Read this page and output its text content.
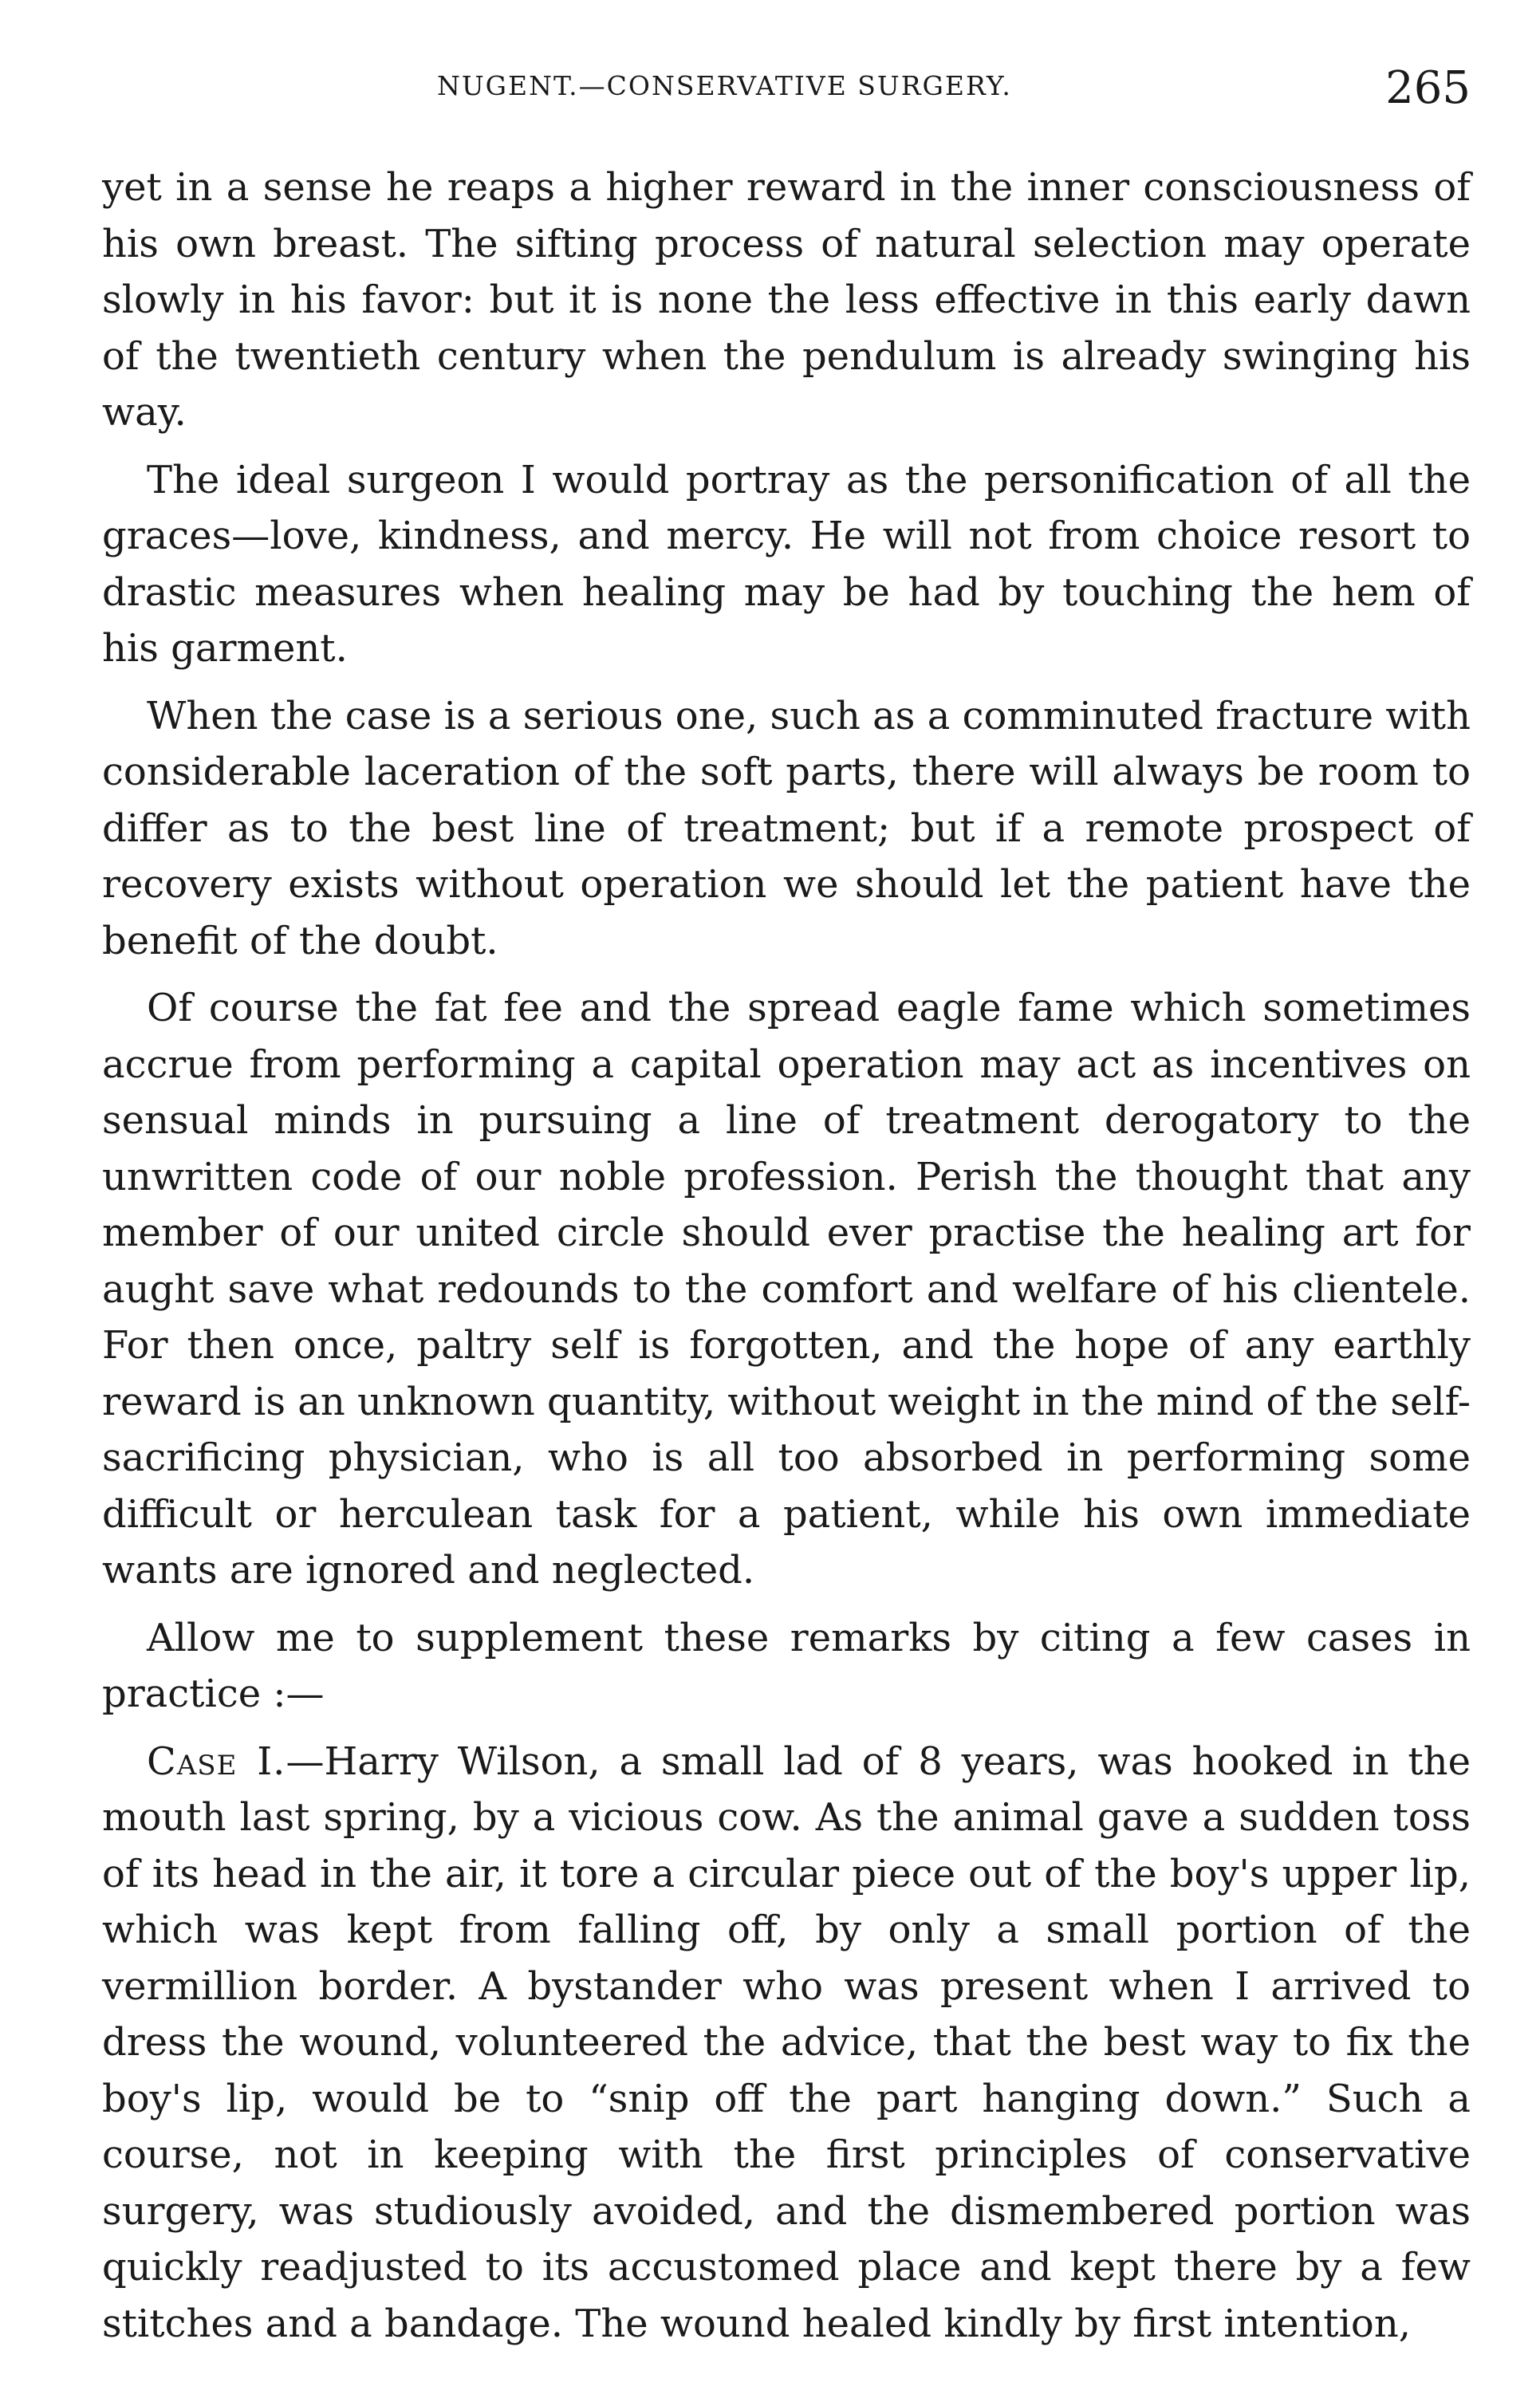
NUGENT.—CONSERVATIVE SURGERY.	265

yet in a sense he reaps a higher reward in the inner consciousness of his own breast. The sifting process of natural selection may operate slowly in his favor: but it is none the less effective in this early dawn of the twentieth century when the pendulum is already swinging his way.

The ideal surgeon I would portray as the personification of all the graces—love, kindness, and mercy. He will not from choice resort to drastic measures when healing may be had by touching the hem of his garment.

When the case is a serious one, such as a comminuted fracture with considerable laceration of the soft parts, there will always be room to differ as to the best line of treatment; but if a remote prospect of recovery exists without operation we should let the patient have the benefit of the doubt.

Of course the fat fee and the spread eagle fame which sometimes accrue from performing a capital operation may act as incentives on sensual minds in pursuing a line of treatment derogatory to the unwritten code of our noble profession. Perish the thought that any member of our united circle should ever practise the healing art for aught save what redounds to the comfort and welfare of his clientele. For then once, paltry self is forgotten, and the hope of any earthly reward is an unknown quantity, without weight in the mind of the self-sacrificing physician, who is all too absorbed in performing some difficult or herculean task for a patient, while his own immediate wants are ignored and neglected.

Allow me to supplement these remarks by citing a few cases in practice :—

Case I.—Harry Wilson, a small lad of 8 years, was hooked in the mouth last spring, by a vicious cow. As the animal gave a sudden toss of its head in the air, it tore a circular piece out of the boy's upper lip, which was kept from falling off, by only a small portion of the vermillion border. A bystander who was present when I arrived to dress the wound, volunteered the advice, that the best way to fix the boy's lip, would be to “snip off the part hanging down.” Such a course, not in keeping with the first principles of conservative surgery, was studiously avoided, and the dismembered portion was quickly readjusted to its accustomed place and kept there by a few stitches and a bandage. The wound healed kindly by first intention,
